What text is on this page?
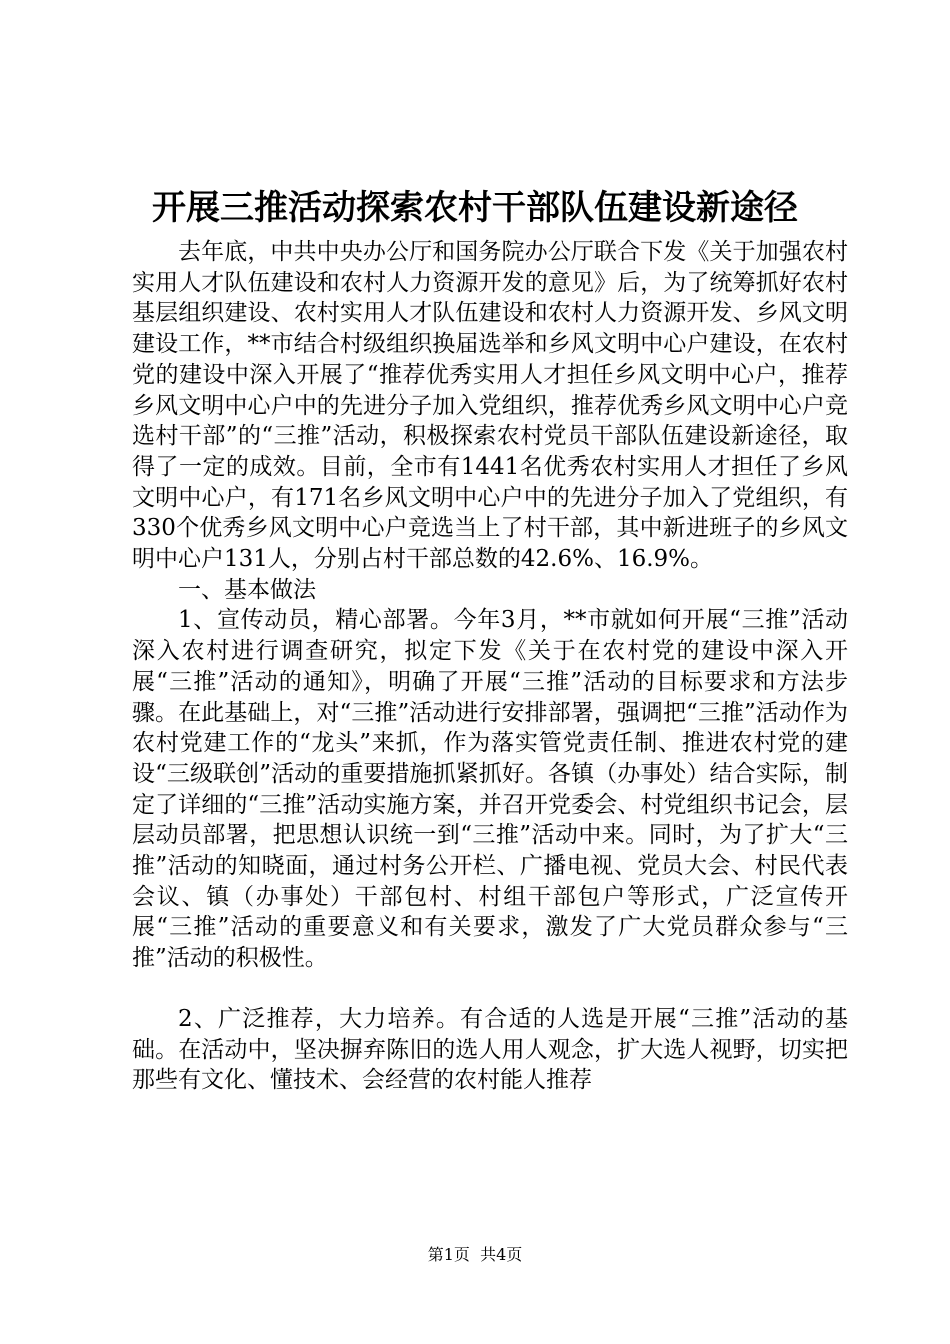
开展三推活动探索农村干部队伍建设新途径

去年底，中共中央办公厅和国务院办公厅联合下发《关于加强农村实用人才队伍建设和农村人力资源开发的意见》后，为了统筹抓好农村基层组织建设、农村实用人才队伍建设和农村人力资源开发、乡风文明建设工作，**市结合村级组织换届选举和乡风文明中心户建设，在农村党的建设中深入开展了“推荐优秀实用人才担任乡风文明中心户，推荐乡风文明中心户中的先进分子加入党组织，推荐优秀乡风文明中心户竞选村干部”的“三推”活动，积极探索农村党员干部队伍建设新途径，取得了一定的成效。目前，全市有1441名优秀农村实用人才担任了乡风文明中心户，有171名乡风文明中心户中的先进分子加入了党组织，有330个优秀乡风文明中心户竞选当上了村干部，其中新进班子的乡风文明中心户131人，分别占村干部总数的42.6%、16.9%。

一、基本做法

1、宣传动员，精心部署。今年3月，**市就如何开展“三推”活动深入农村进行调查研究，拟定下发《关于在农村党的建设中深入开展“三推”活动的通知》，明确了开展“三推”活动的目标要求和方法步骤。在此基础上，对“三推”活动进行安排部署，强调把“三推”活动作为农村党建工作的“龙头”来抓，作为落实管党责任制、推进农村党的建设“三级联创”活动的重要措施抓紧抓好。各镇（办事处）结合实际，制定了详细的“三推”活动实施方案，并召开党委会、村党组织书记会，层层动员部署，把思想认识统一到“三推”活动中来。同时，为了扩大“三推”活动的知晓面，通过村务公开栏、广播电视、党员大会、村民代表会议、镇（办事处）干部包村、村组干部包户等形式，广泛宣传开展“三推”活动的重要意义和有关要求，激发了广大党员群众参与“三推”活动的积极性。

2、广泛推荐，大力培养。有合适的人选是开展“三推”活动的基础。在活动中，坚决摒弃陈旧的选人用人观念，扩大选人视野，切实把那些有文化、懂技术、会经营的农村能人推荐

第1页  共4页
